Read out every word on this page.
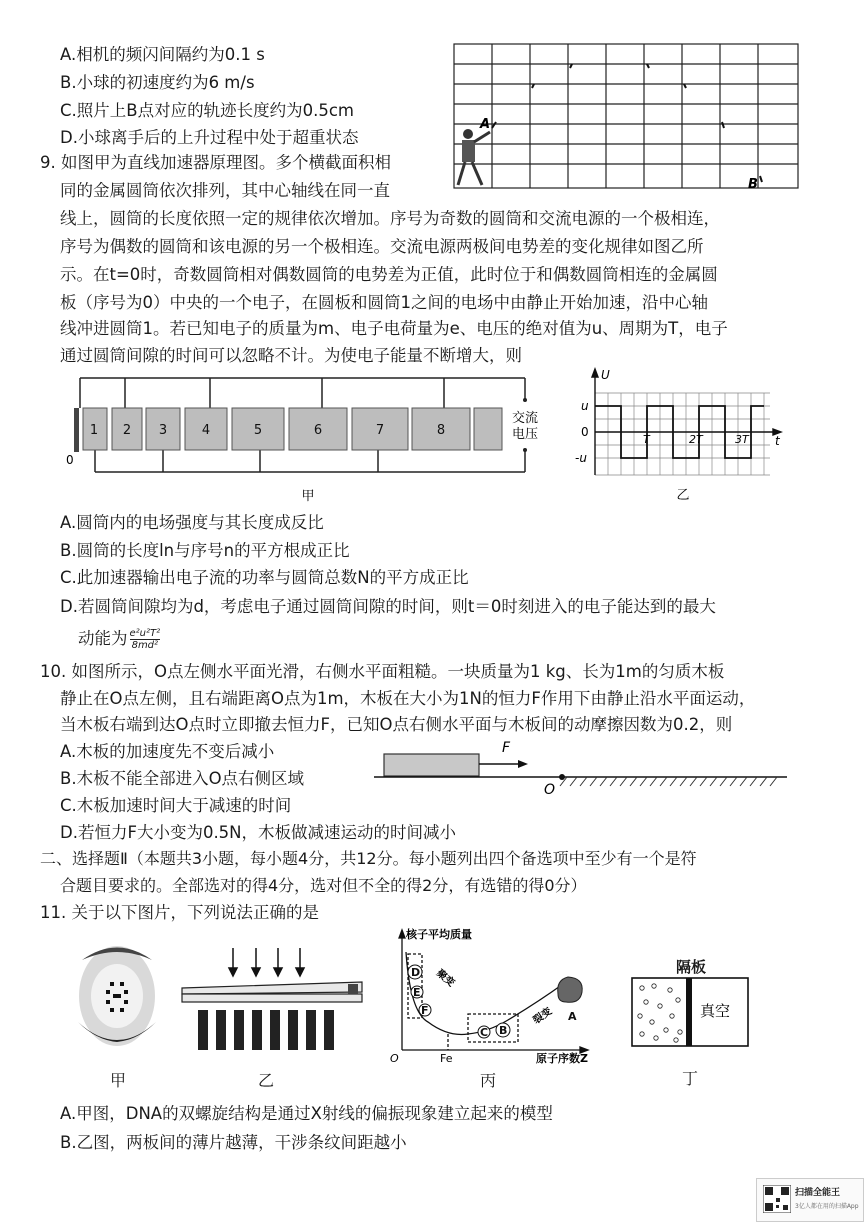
A.相机的频闪间隔约为0.1 s
B.小球的初速度约为6 m/s
C.照片上B点对应的轨迹长度约为0.5cm
D.小球离手后的上升过程中处于超重状态
A
B
9. 如图甲为直线加速器原理图。多个横截面积相
同的金属圆筒依次排列，其中心轴线在同一直
线上，圆筒的长度依照一定的规律依次增加。序号为奇数的圆筒和交流电源的一个极相连，
序号为偶数的圆筒和该电源的另一个极相连。交流电源两极间电势差的变化规律如图乙所
示。在t=0时，奇数圆筒相对偶数圆筒的电势差为正值，此时位于和偶数圆筒相连的金属圆
板（序号为0）中央的一个电子，在圆板和圆筒1之间的电场中由静止开始加速，沿中心轴
线冲进圆筒1。若已知电子的质量为m、电子电荷量为e、电压的绝对值为u、周期为T，电子
通过圆筒间隙的时间可以忽略不计。为使电子能量不断增大，则
1 2 3	4	5	6	7	8
0
交流
电压
甲
U
u
0
-u
T	2T	3T t
乙
A.圆筒内的电场强度与其长度成反比
B.圆筒的长度ln与序号n的平方根成正比
C.此加速器输出电子流的功率与圆筒总数N的平方成正比
D.若圆筒间隙均为d，考虑电子通过圆筒间隙的时间，则t＝0时刻进入的电子能达到的最大
动能为 $\frac{\text{e²u²T²}}{\text{8md²}}$
10. 如图所示，O点左侧水平面光滑，右侧水平面粗糙。一块质量为1 kg、长为1m的匀质木板
静止在O点左侧，且右端距离O点为1m，木板在大小为1N的恒力F作用下由静止沿水平面运动，
当木板右端到达O点时立即撤去恒力F，已知O点右侧水平面与木板间的动摩擦因数为0.2，则
A.木板的加速度先不变后减小
B.木板不能全部进入O点右侧区域
C.木板加速时间大于减速的时间
D.若恒力F大小变为0.5N，木板做减速运动的时间减小
F
O
二、选择题Ⅱ（本题共3小题，每小题4分，共12分。每小题列出四个备选项中至少有一个是符
合题目要求的。全部选对的得4分，选对但不全的得2分，有选错的得0分）
11. 关于以下图片，下列说法正确的是
甲	乙
D
E
F
C B
A
核子平均质量
聚变
裂变
O	Fe	原子序数Z
丙
隔板
真空
丁
A.甲图，DNA的双螺旋结构是通过X射线的偏振现象建立起来的模型
B.乙图，两板间的薄片越薄，干涉条纹间距越小
扫描全能王
3亿人都在用的扫描App
